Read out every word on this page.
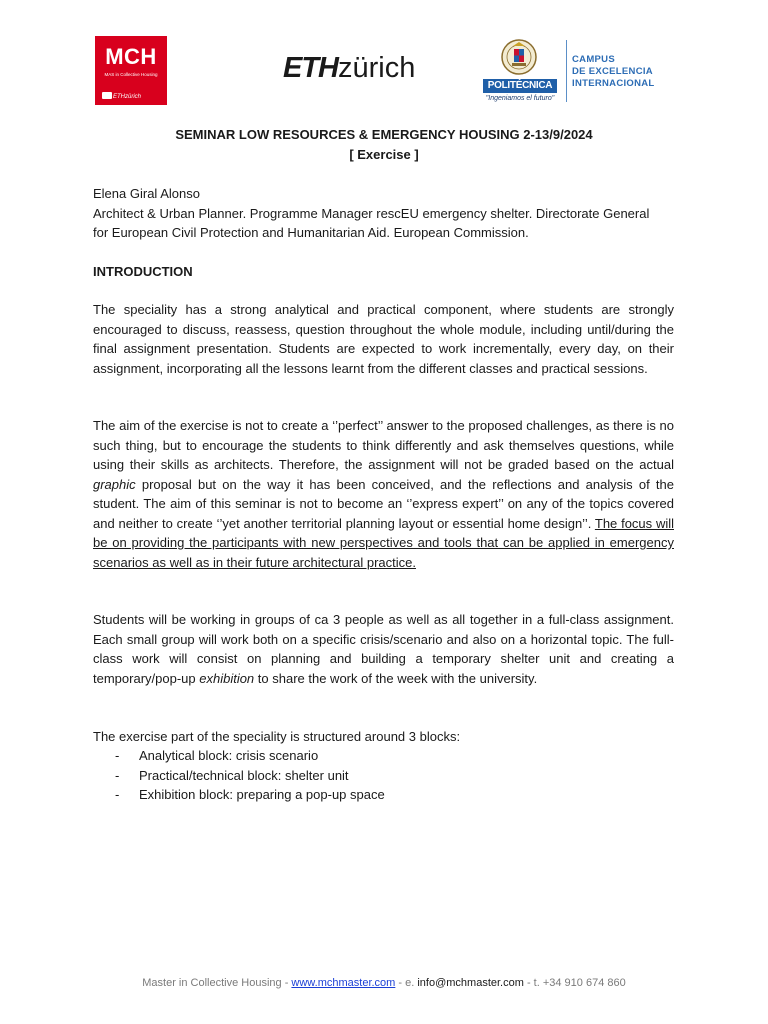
MCH
MAS in Collective Housing
ETHzürich
ETHzürich
POLITÉCNICA
"Ingeniamos el futuro"
CAMPUS
DE EXCELENCIA
INTERNACIONAL
SEMINAR LOW RESOURCES & EMERGENCY HOUSING 2-13/9/2024
[ Exercise ]
Elena Giral Alonso
Architect & Urban Planner. Programme Manager rescEU emergency shelter. Directorate General
for European Civil Protection and Humanitarian Aid. European Commission.
INTRODUCTION
The speciality has a strong analytical and practical component, where students are strongly encouraged to discuss, reassess, question throughout the whole module, including until/during the final assignment presentation. Students are expected to work incrementally, every day, on their assignment, incorporating all the lessons learnt from the different classes and practical sessions.
The aim of the exercise is not to create a ‘’perfect’’ answer to the proposed challenges, as there is no such thing, but to encourage the students to think differently and ask themselves questions, while using their skills as architects. Therefore, the assignment will not be graded based on the actual graphic proposal but on the way it has been conceived, and the reflections and analysis of the student. The aim of this seminar is not to become an ‘’express expert’’ on any of the topics covered and neither to create ‘’yet another territorial planning layout or essential home design’’. The focus will be on providing the participants with new perspectives and tools that can be applied in emergency scenarios as well as in their future architectural practice.
Students will be working in groups of ca 3 people as well as all together in a full-class assignment. Each small group will work both on a specific crisis/scenario and also on a horizontal topic. The full-class work will consist on planning and building a temporary shelter unit and creating a temporary/pop-up exhibition to share the work of the week with the university.
The exercise part of the speciality is structured around 3 blocks:
- Analytical block: crisis scenario
- Practical/technical block: shelter unit
- Exhibition block: preparing a pop-up space
Master in Collective Housing - www.mchmaster.com - e. info@mchmaster.com - t. +34 910 674 860
